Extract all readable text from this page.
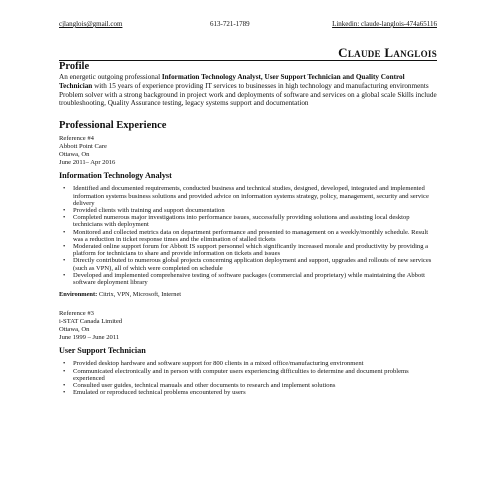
cjlanglois@gmail.com	613-721-1789	Linkedin: claude-langlois-474a65116
Claude Langlois
Profile

An energetic outgoing professional Information Technology Analyst, User Support Technician and Quality Control Technician with 15 years of experience providing IT services to businesses in high technology and manufacturing environments Problem solver with a strong background in project work and deployments of software and services on a global scale Skills include troubleshooting, Quality Assurance testing, legacy systems support and documentation

Professional Experience
Reference #4
Abbott Point Care
Ottawa, On
June 2011– Apr 2016
Information Technology Analyst
• Identified and documented requirements, conducted business and technical studies, designed, developed, integrated and implemented information systems business solutions and provided advice on information systems strategy, policy, management, security and service delivery
• Provided clients with training and support documentation
• Completed numerous major investigations into performance issues, successfully providing solutions and assisting local desktop technicians with deployment
• Monitored and collected metrics data on department performance and presented to management on a weekly/monthly schedule. Result was a reduction in ticket response times and the elimination of stalled tickets
• Moderated online support forum for Abbott IS support personnel which significantly increased morale and productivity by providing a platform for technicians to share and provide information on tickets and issues
• Directly contributed to numerous global projects concerning application deployment and support, upgrades and rollouts of new services (such as VPN), all of which were completed on schedule
• Developed and implemented comprehensive testing of software packages (commercial and proprietary) while maintaining the Abbott software deployment library

Environment: Citrix, VPN, Microsoft, Internet

Reference #3
i-STAT Canada Limited
Ottawa, On
June 1999 – June 2011
User Support Technician
• Provided desktop hardware and software support for 800 clients in a mixed office/manufacturing environment
• Communicated electronically and in person with computer users experiencing difficulties to determine and document problems experienced
• Consulted user guides, technical manuals and other documents to research and implement solutions
• Emulated or reproduced technical problems encountered by users
